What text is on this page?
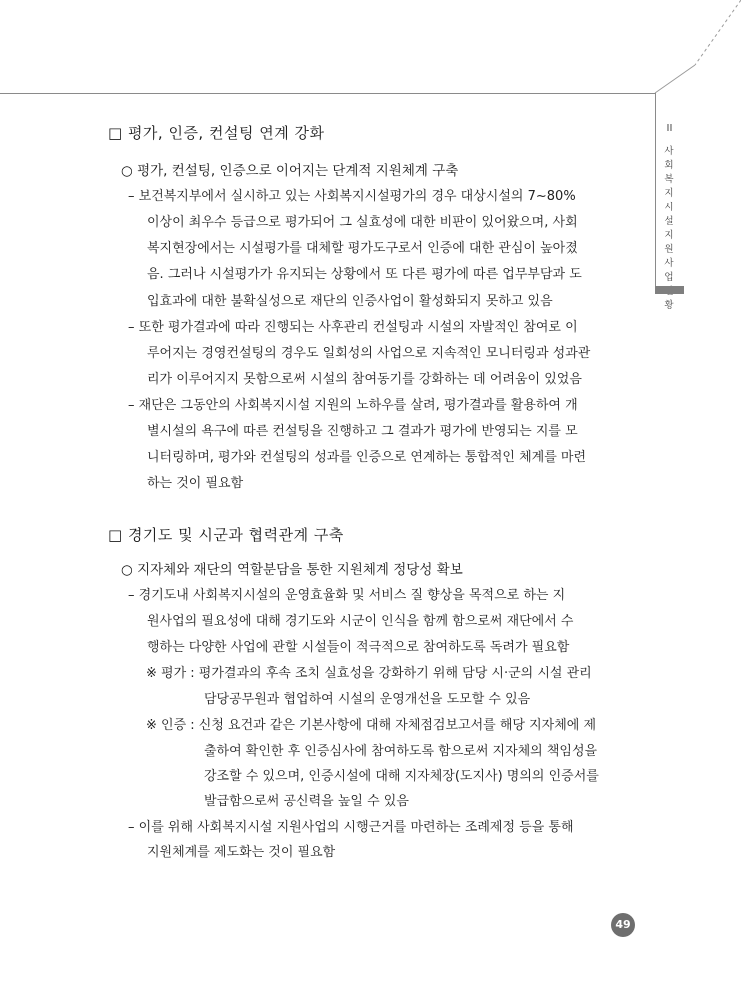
II
사회복지시설 지원사업 황
□ 평가, 인증, 컨설팅 연계 강화
○ 평가, 컨설팅, 인증으로 이어지는 단계적 지원체계 구축
– 보건복지부에서 실시하고 있는 사회복지시설평가의 경우 대상시설의 7~80%
이상이 최우수 등급으로 평가되어 그 실효성에 대한 비판이 있어왔으며, 사회
복지현장에서는 시설평가를 대체할 평가도구로서 인증에 대한 관심이 높아졌
음. 그러나 시설평가가 유지되는 상황에서 또 다른 평가에 따른 업무부담과 도
입효과에 대한 불확실성으로 재단의 인증사업이 활성화되지 못하고 있음
– 또한 평가결과에 따라 진행되는 사후관리 컨설팅과 시설의 자발적인 참여로 이
루어지는 경영컨설팅의 경우도 일회성의 사업으로 지속적인 모니터링과 성과관
리가 이루어지지 못함으로써 시설의 참여동기를 강화하는 데 어려움이 있었음
– 재단은 그동안의 사회복지시설 지원의 노하우를 살려, 평가결과를 활용하여 개
별시설의 욕구에 따른 컨설팅을 진행하고 그 결과가 평가에 반영되는 지를 모
니터링하며, 평가와 컨설팅의 성과를 인증으로 연계하는 통합적인 체계를 마련
하는 것이 필요함
□ 경기도 및 시군과 협력관계 구축
○ 지자체와 재단의 역할분담을 통한 지원체계 정당성 확보
– 경기도내 사회복지시설의 운영효율화 및 서비스 질 향상을 목적으로 하는 지
원사업의 필요성에 대해 경기도와 시군이 인식을 함께 함으로써 재단에서 수
행하는 다양한 사업에 관할 시설들이 적극적으로 참여하도록 독려가 필요함
※ 평가 : 평가결과의 후속 조치 실효성을 강화하기 위해 담당 시·군의 시설 관리
담당공무원과 협업하여 시설의 운영개선을 도모할 수 있음
※ 인증 : 신청 요건과 같은 기본사항에 대해 자체점검보고서를 해당 지자체에 제
출하여 확인한 후 인증심사에 참여하도록 함으로써 지자체의 책임성을
강조할 수 있으며, 인증시설에 대해 지자체장(도지사) 명의의 인증서를
발급함으로써 공신력을 높일 수 있음
– 이를 위해 사회복지시설 지원사업의 시행근거를 마련하는 조례제정 등을 통해
지원체계를 제도화는 것이 필요함
49
